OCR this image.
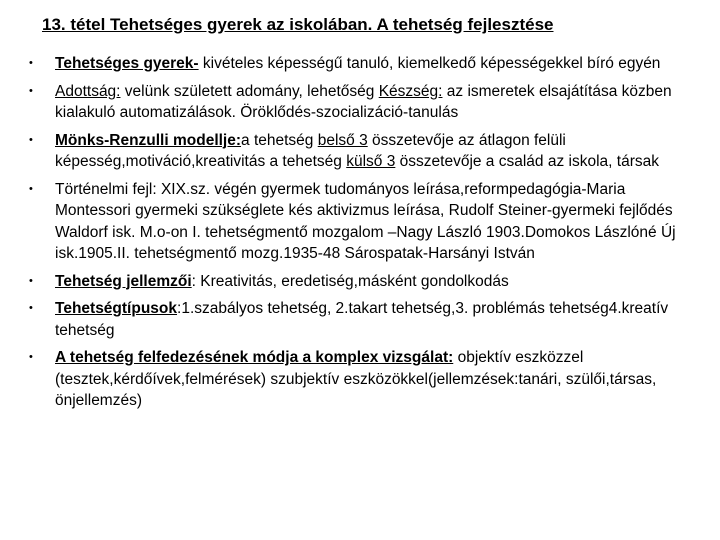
13. tétel Tehetséges gyerek az iskolában. A tehetség fejlesztése
• Tehetséges gyerek- kivételes képességű tanuló, kiemelkedő képességekkel bíró egyén
• Adottság: velünk született adomány, lehetőség Készség: az ismeretek elsajátítása közben kialakuló automatizálások. Öröklődés-szocializáció-tanulás
• Mönks-Renzulli modellje:a tehetség belső 3 összetevője az átlagon felüli képesség,motiváció,kreativitás a tehetség külső 3 összetevője a család az iskola, társak
• Történelmi fejl: XIX.sz. végén gyermek tudományos leírása,reformpedagógia-Maria Montessori gyermeki szükséglete kés aktivizmus leírása, Rudolf Steiner-gyermeki fejlődés Waldorf isk. M.o-on I. tehetségmentő mozgalom –Nagy László 1903.Domokos Lászlóné Új isk.1905.II. tehetségmentő mozg.1935-48 Sárospatak-Harsányi István
• Tehetség jellemzői: Kreativitás, eredetiség,másként gondolkodás
• Tehetségtípusok:1.szabályos tehetség, 2.takart tehetség,3. problémás tehetség4.kreatív tehetség
• A tehetség felfedezésének módja a komplex vizsgálat: objektív eszközzel (tesztek,kérdőívek,felmérések) szubjektív eszközökkel(jellemzések:tanári, szülői,társas, önjellemzés)
